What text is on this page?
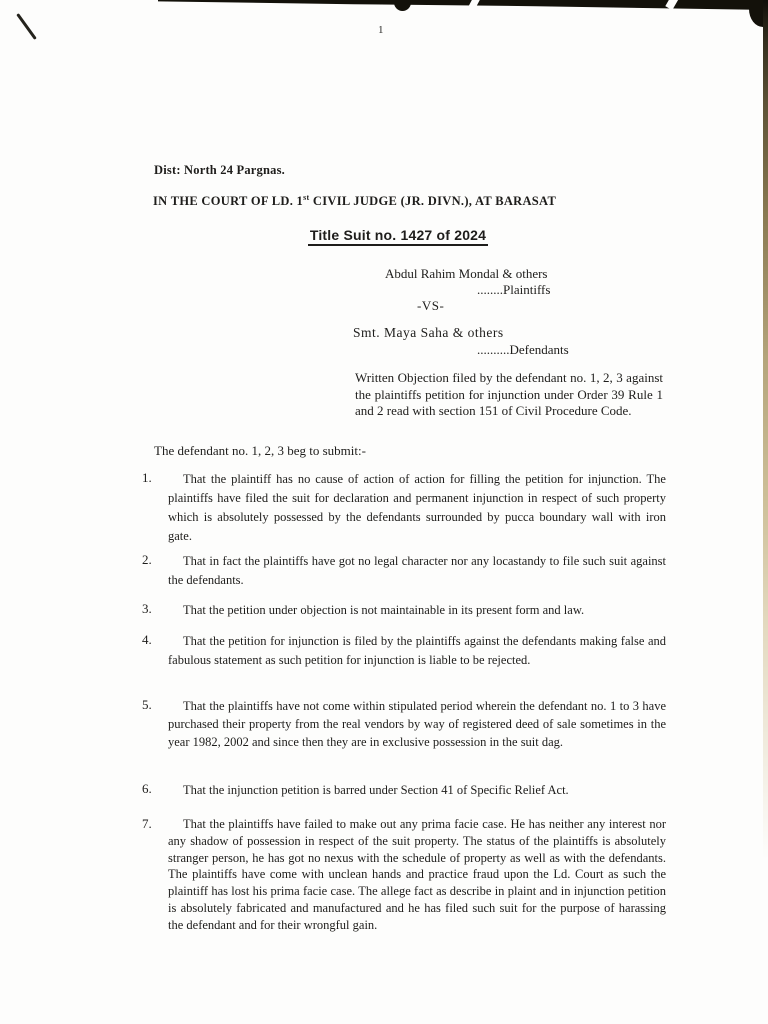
1
Dist: North 24 Pargnas.
IN THE COURT OF LD. 1st CIVIL JUDGE (JR. DIVN.), AT BARASAT
Title Suit no. 1427 of 2024
Abdul Rahim Mondal & others
........Plaintiffs
-VS-
Smt. Maya Saha & others
..........Defendants
Written Objection filed by the defendant no. 1, 2, 3 against the plaintiffs petition for injunction under Order 39 Rule 1 and 2 read with section 151 of Civil Procedure Code.
The defendant no. 1, 2, 3 beg to submit:-
1.	That the plaintiff has no cause of action of action for filling the petition for injunction. The plaintiffs have filed the suit for declaration and permanent injunction in respect of such property which is absolutely possessed by the defendants surrounded by pucca boundary wall with iron gate.
2.	That in fact the plaintiffs have got no legal character nor any locastandy to file such suit against the defendants.
3.	That the petition under objection is not maintainable in its present form and law.
4.	That the petition for injunction is filed by the plaintiffs against the defendants making false and fabulous statement as such petition for injunction is liable to be rejected.
5.	That the plaintiffs have not come within stipulated period wherein the defendant no. 1 to 3 have purchased their property from the real vendors by way of registered deed of sale sometimes in the year 1982, 2002 and since then they are in exclusive possession in the suit dag.
6.	That the injunction petition is barred under Section 41 of Specific Relief Act.
7.	That the plaintiffs have failed to make out any prima facie case. He has neither any interest nor any shadow of possession in respect of the suit property. The status of the plaintiffs is absolutely stranger person, he has got no nexus with the schedule of property as well as with the defendants. The plaintiffs have come with unclean hands and practice fraud upon the Ld. Court as such the plaintiff has lost his prima facie case. The allege fact as describe in plaint and in injunction petition is absolutely fabricated and manufactured and he has filed such suit for the purpose of harassing the defendant and for their wrongful gain.
